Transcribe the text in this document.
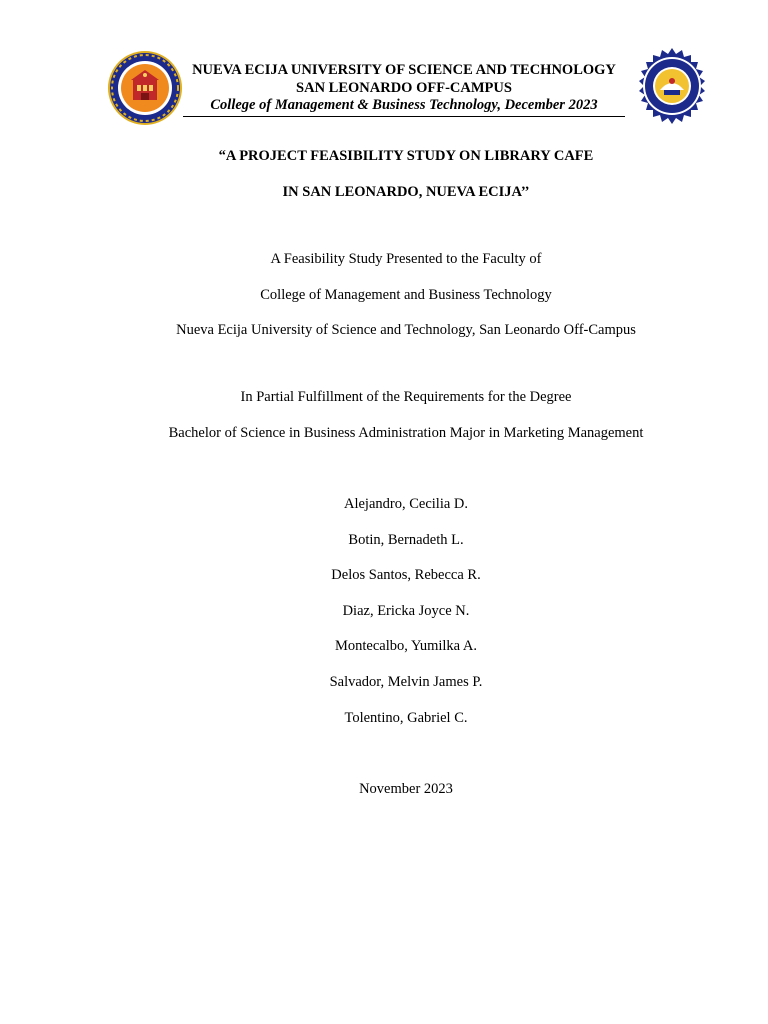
NUEVA ECIJA UNIVERSITY OF SCIENCE AND TECHNOLOGY
SAN LEONARDO OFF-CAMPUS
College of Management & Business Technology, December 2023
“A PROJECT FEASIBILITY STUDY ON LIBRARY CAFE
IN SAN LEONARDO, NUEVA ECIJA’’
A Feasibility Study Presented to the Faculty of
College of Management and Business Technology
Nueva Ecija University of Science and Technology, San Leonardo Off-Campus
In Partial Fulfillment of the Requirements for the Degree
Bachelor of Science in Business Administration Major in Marketing Management
Alejandro, Cecilia D.
Botin, Bernadeth L.
Delos Santos, Rebecca R.
Diaz, Ericka Joyce N.
Montecalbo, Yumilka A.
Salvador, Melvin James P.
Tolentino, Gabriel C.
November 2023
